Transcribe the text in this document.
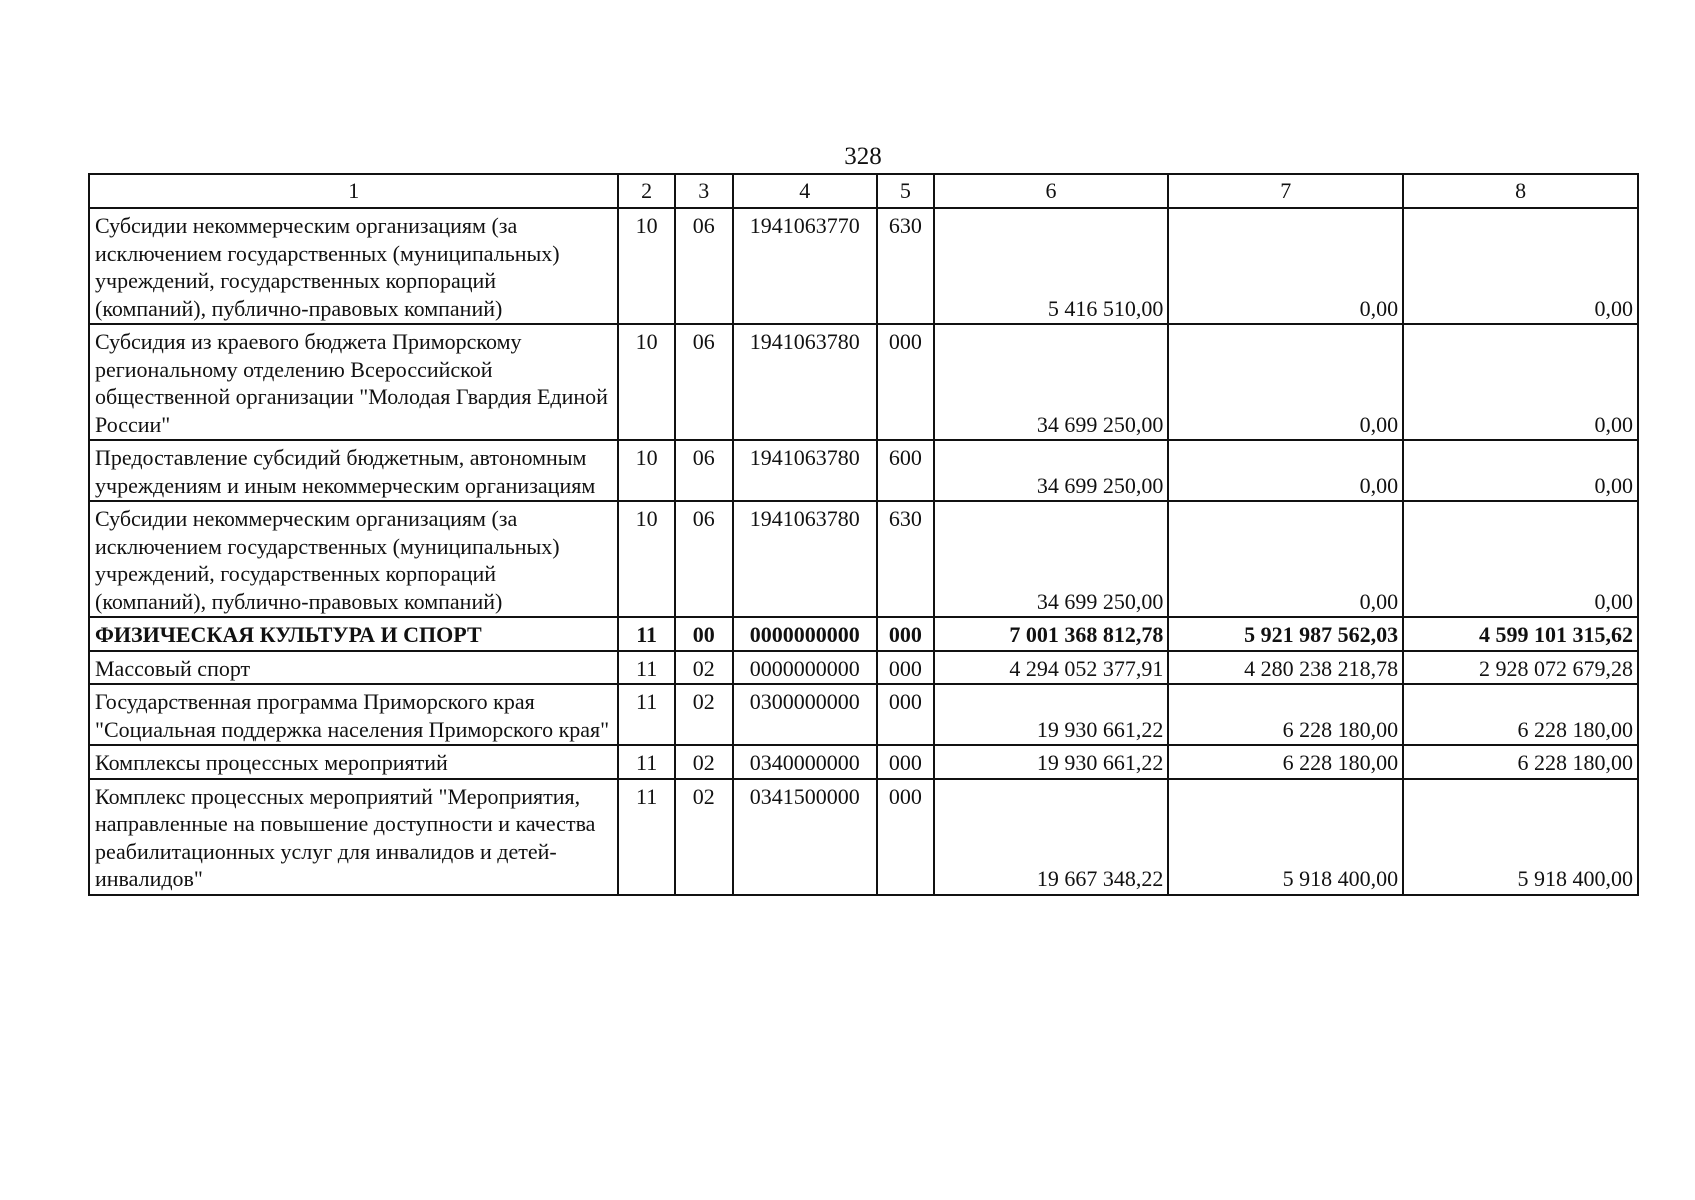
328
1	2	3	4	5	6	7	8
Субсидии некоммерческим организациям (за исключением государственных (муниципальных) учреждений, государственных корпораций (компаний), публично-правовых компаний)	10	06	1941063770	630	5 416 510,00	0,00	0,00
Субсидия из краевого бюджета Приморскому региональному отделению Всероссийской общественной организации "Молодая Гвардия Единой России"	10	06	1941063780	000	34 699 250,00	0,00	0,00
Предоставление субсидий бюджетным, автономным учреждениям и иным некоммерческим организациям	10	06	1941063780	600	34 699 250,00	0,00	0,00
Субсидии некоммерческим организациям (за исключением государственных (муниципальных) учреждений, государственных корпораций (компаний), публично-правовых компаний)	10	06	1941063780	630	34 699 250,00	0,00	0,00
ФИЗИЧЕСКАЯ КУЛЬТУРА И СПОРТ	11	00	0000000000	000	7 001 368 812,78	5 921 987 562,03	4 599 101 315,62
Массовый спорт	11	02	0000000000	000	4 294 052 377,91	4 280 238 218,78	2 928 072 679,28
Государственная программа Приморского края "Социальная поддержка населения Приморского края"	11	02	0300000000	000	19 930 661,22	6 228 180,00	6 228 180,00
Комплексы процессных мероприятий	11	02	0340000000	000	19 930 661,22	6 228 180,00	6 228 180,00
Комплекс процессных мероприятий "Мероприятия, направленные на повышение доступности и качества реабилитационных услуг для инвалидов и детей-инвалидов"	11	02	0341500000	000	19 667 348,22	5 918 400,00	5 918 400,00
